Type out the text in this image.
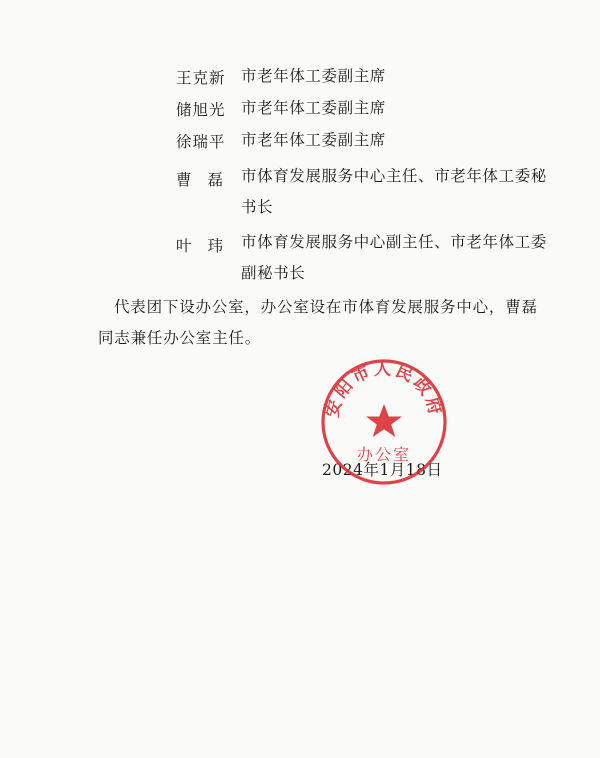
王克新 市老年体工委副主席
储旭光 市老年体工委副主席
徐瑞平 市老年体工委副主席
曹 磊 市体育发展服务中心主任、市老年体工委秘书长
叶 玮 市体育发展服务中心副主任、市老年体工委副秘书长
代表团下设办公室，办公室设在市体育发展服务中心，曹磊
同志兼任办公室主任。
2024年1月18日
安阳市人民政府
办公室
